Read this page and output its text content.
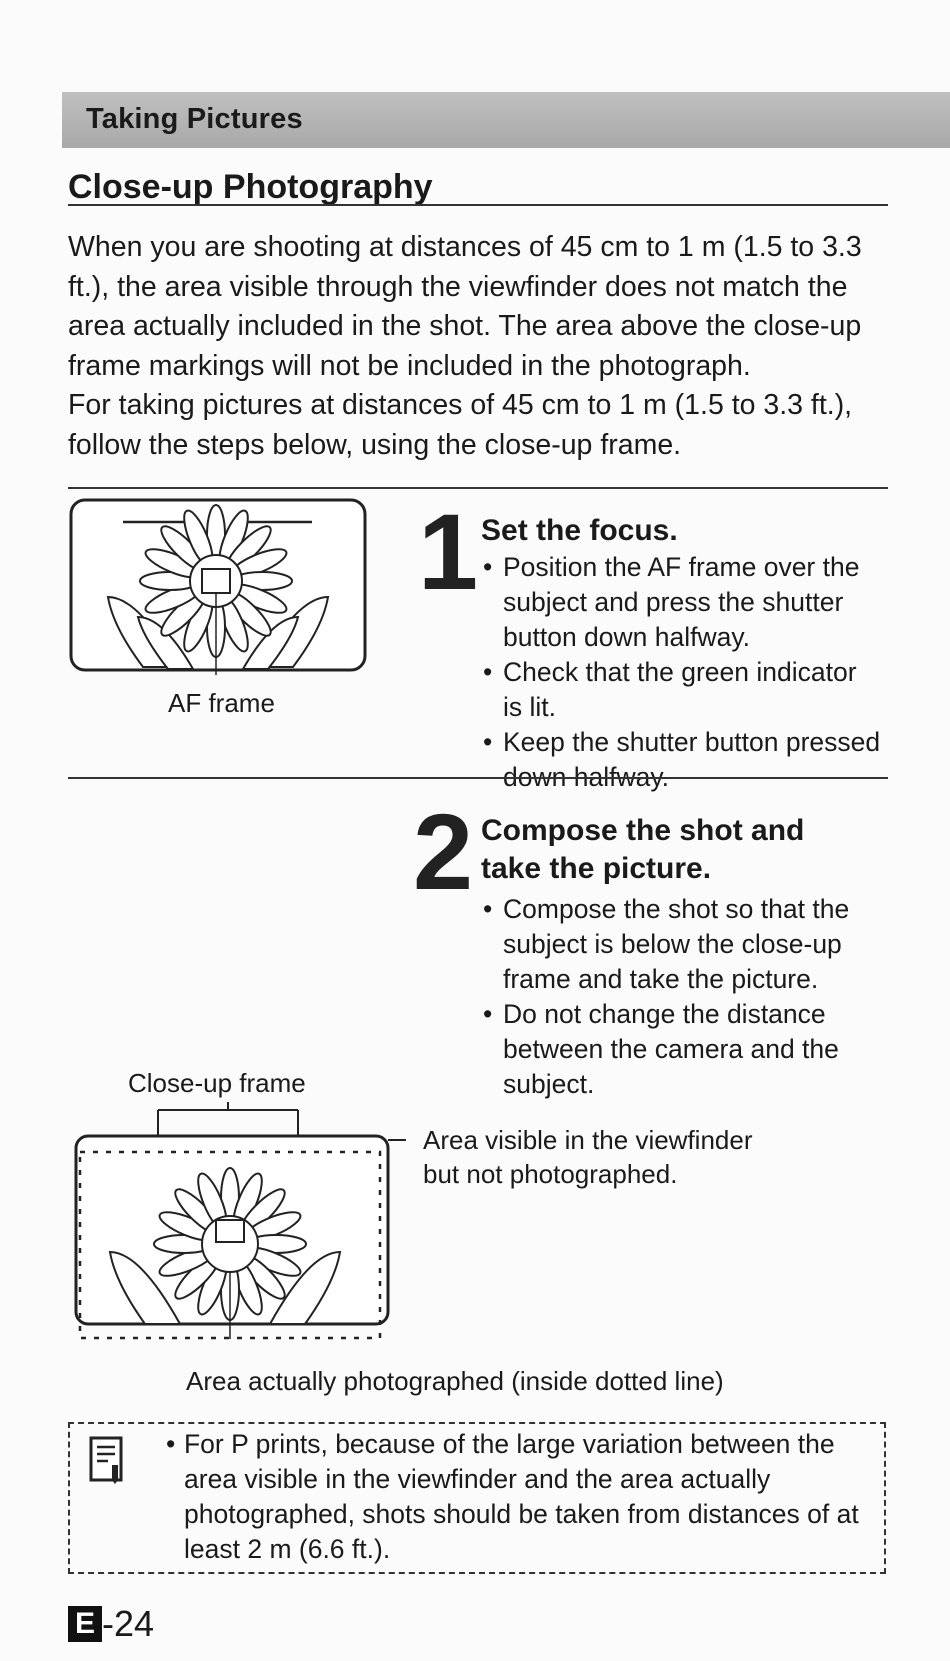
Taking Pictures
Close-up Photography

When you are shooting at distances of 45 cm to 1 m (1.5 to 3.3 ft.), the area visible through the viewfinder does not match the area actually included in the shot. The area above the close-up frame markings will not be included in the photograph.

For taking pictures at distances of 45 cm to 1 m (1.5 to 3.3 ft.), follow the steps below, using the close-up frame.

AF frame
1 Set the focus.
• Position the AF frame over the subject and press the shutter button down halfway.
• Check that the green indicator is lit.
• Keep the shutter button pressed down halfway.
2 Compose the shot and
take the picture.
• Compose the shot so that the subject is below the close-up frame and take the picture.
• Do not change the distance between the camera and the subject.
Close-up frame
Area visible in the viewfinder
but not photographed.
Area actually photographed (inside dotted line)
• For P prints, because of the large variation between the area visible in the viewfinder and the area actually photographed, shots should be taken from distances of at least 2 m (6.6 ft.).
E -24
